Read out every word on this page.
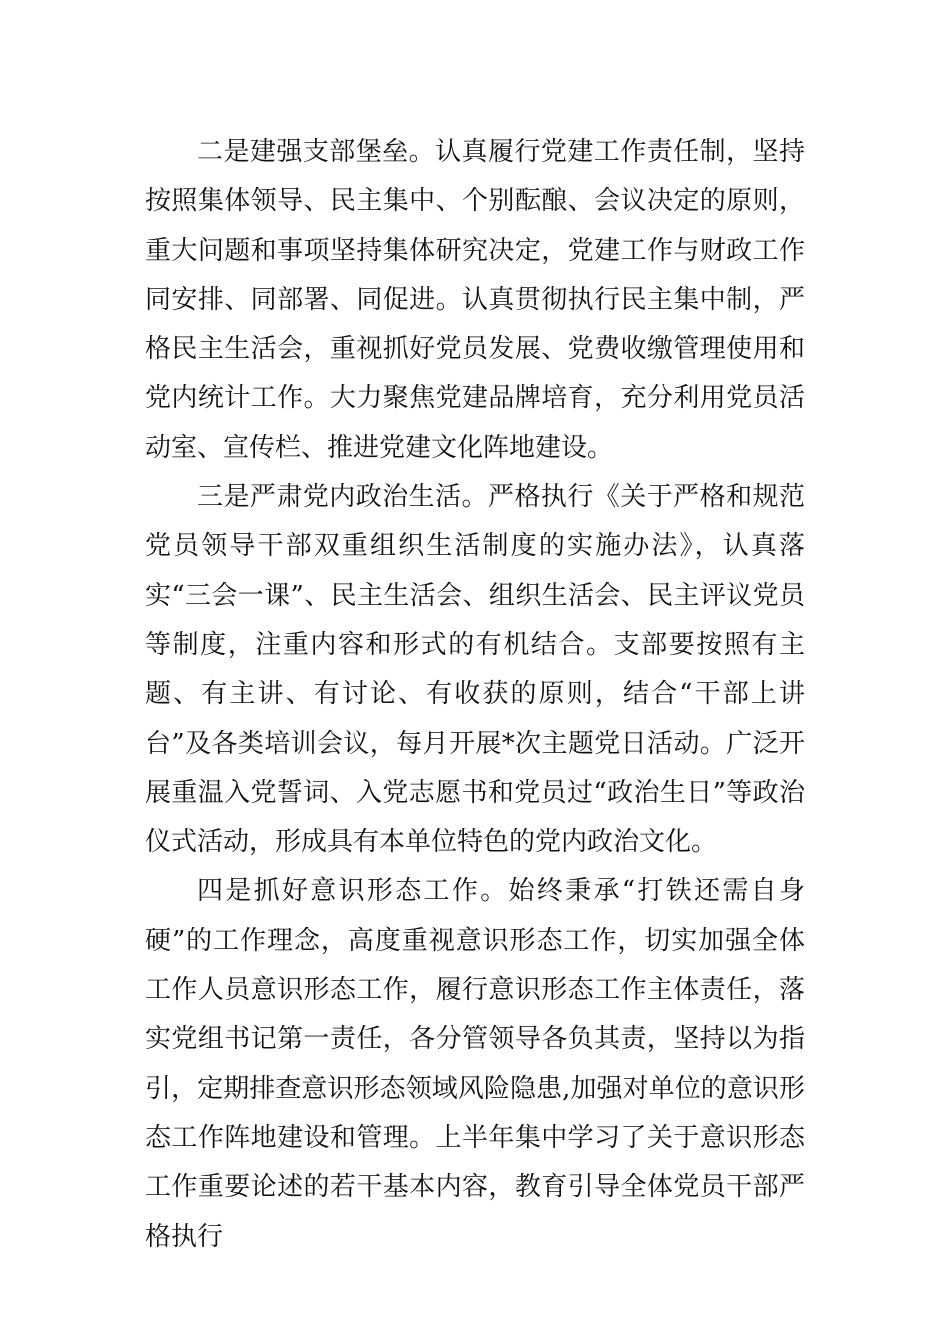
二是建强支部堡垒。认真履行党建工作责任制，坚持按照集体领导、民主集中、个别酝酿、会议决定的原则，重大问题和事项坚持集体研究决定，党建工作与财政工作同安排、同部署、同促进。认真贯彻执行民主集中制，严格民主生活会，重视抓好党员发展、党费收缴管理使用和党内统计工作。大力聚焦党建品牌培育，充分利用党员活动室、宣传栏、推进党建文化阵地建设。

三是严肃党内政治生活。严格执行《关于严格和规范党员领导干部双重组织生活制度的实施办法》，认真落实“三会一课”、民主生活会、组织生活会、民主评议党员等制度，注重内容和形式的有机结合。支部要按照有主题、有主讲、有讨论、有收获的原则，结合“干部上讲台”及各类培训会议，每月开展*次主题党日活动。广泛开展重温入党誓词、入党志愿书和党员过“政治生日”等政治仪式活动，形成具有本单位特色的党内政治文化。

四是抓好意识形态工作。始终秉承“打铁还需自身硬”的工作理念，高度重视意识形态工作，切实加强全体工作人员意识形态工作，履行意识形态工作主体责任，落实党组书记第一责任，各分管领导各负其责，坚持以为指引，定期排查意识形态领域风险隐患,加强对单位的意识形态工作阵地建设和管理。上半年集中学习了关于意识形态工作重要论述的若干基本内容，教育引导全体党员干部严格执行
